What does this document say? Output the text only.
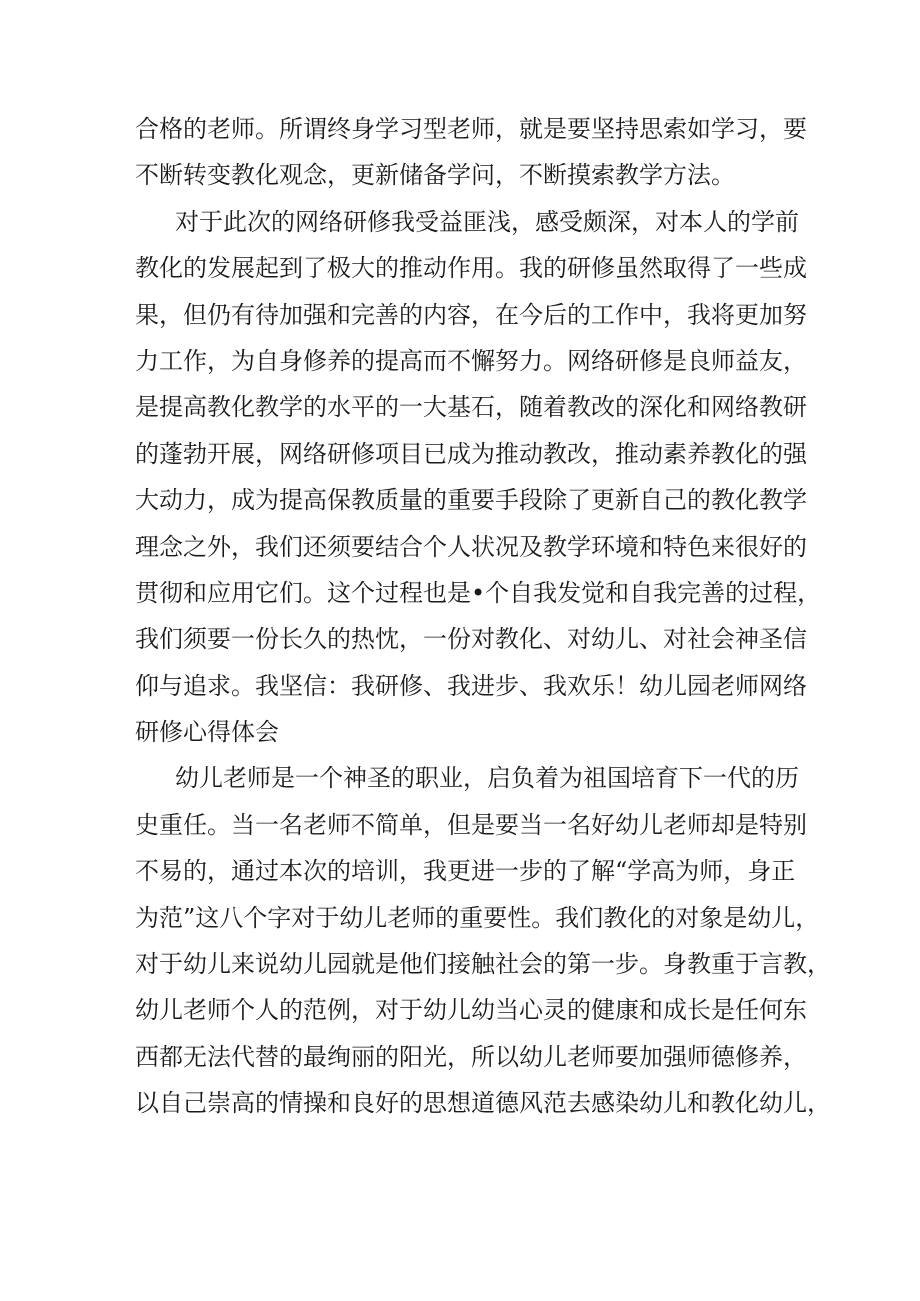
合格的老师。所谓终身学习型老师，就是要坚持思索如学习，要
不断转变教化观念，更新储备学问，不断摸索教学方法。
对于此次的网络研修我受益匪浅，感受颇深，对本人的学前
教化的发展起到了极大的推动作用。我的研修虽然取得了一些成
果，但仍有待加强和完善的内容，在今后的工作中，我将更加努
力工作，为自身修养的提高而不懈努力。网络研修是良师益友，
是提高教化教学的水平的一大基石，随着教改的深化和网络教研
的蓬勃开展，网络研修项目已成为推动教改，推动素养教化的强
大动力，成为提高保教质量的重要手段除了更新自己的教化教学
理念之外，我们还须要结合个人状况及教学环境和特色来很好的
贯彻和应用它们。这个过程也是•个自我发觉和自我完善的过程，
我们须要一份长久的热忱，一份对教化、对幼儿、对社会神圣信
仰与追求。我坚信：我研修、我进步、我欢乐！幼儿园老师网络
研修心得体会
幼儿老师是一个神圣的职业，启负着为祖国培育下一代的历
史重任。当一名老师不简单，但是要当一名好幼儿老师却是特别
不易的，通过本次的培训，我更进一步的了解“学高为师，身正
为范”这八个字对于幼儿老师的重要性。我们教化的对象是幼儿，
对于幼儿来说幼儿园就是他们接触社会的第一步。身教重于言教，
幼儿老师个人的范例，对于幼儿幼当心灵的健康和成长是任何东
西都无法代替的最绚丽的阳光，所以幼儿老师要加强师德修养，
以自己崇高的情操和良好的思想道德风范去感染幼儿和教化幼儿，
